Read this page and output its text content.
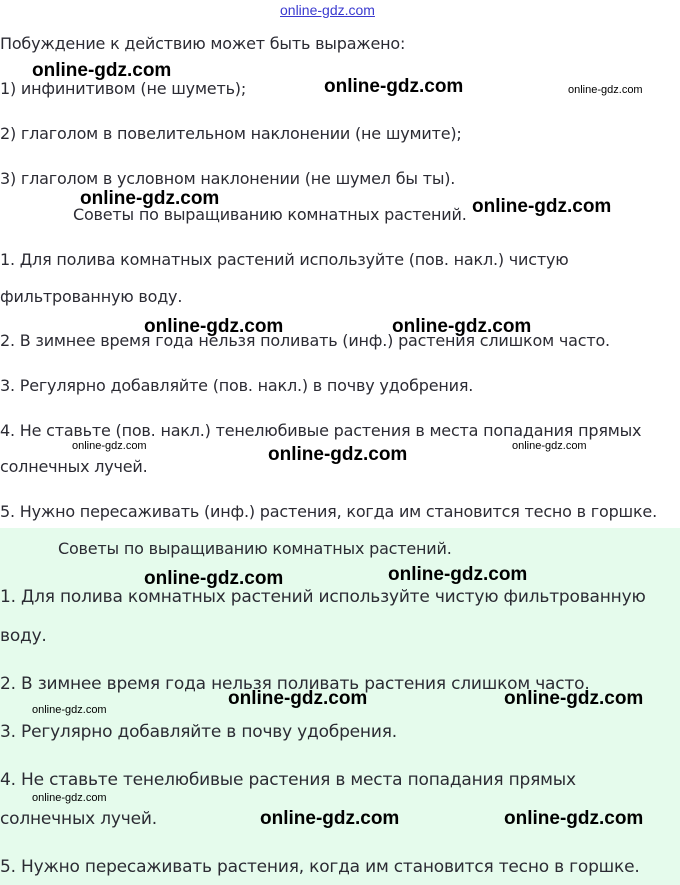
online-gdz.com
Побуждение к действию может быть выражено:
1) инфинитивом (не шуметь);
2) глаголом в повелительном наклонении (не шумите);
3) глаголом в условном наклонении (не шумел бы ты).
Советы по выращиванию комнатных растений.
1. Для полива комнатных растений используйте (пов. накл.) чистую
фильтрованную воду.
2. В зимнее время года нельзя поливать (инф.) растения слишком часто.
3. Регулярно добавляйте (пов. накл.) в почву удобрения.
4. Не ставьте (пов. накл.) тенелюбивые растения в места попадания прямых
солнечных лучей.
5. Нужно пересаживать (инф.) растения, когда им становится тесно в горшке.
Советы по выращиванию комнатных растений.
1. Для полива комнатных растений используйте чистую фильтрованную
воду.
2. В зимнее время года нельзя поливать растения слишком часто.
3. Регулярно добавляйте в почву удобрения.
4. Не ставьте тенелюбивые растения в места попадания прямых
солнечных лучей.
5. Нужно пересаживать растения, когда им становится тесно в горшке.
online-gdz.com
online-gdz.com	online-gdz.com
online-gdz.com	online-gdz.com
online-gdz.com	online-gdz.com
online-gdz.com	online-gdz.com	online-gdz.com
online-gdz.com	online-gdz.com
online-gdz.com	online-gdz.com
online-gdz.com
online-gdz.com
online-gdz.com	online-gdz.com
